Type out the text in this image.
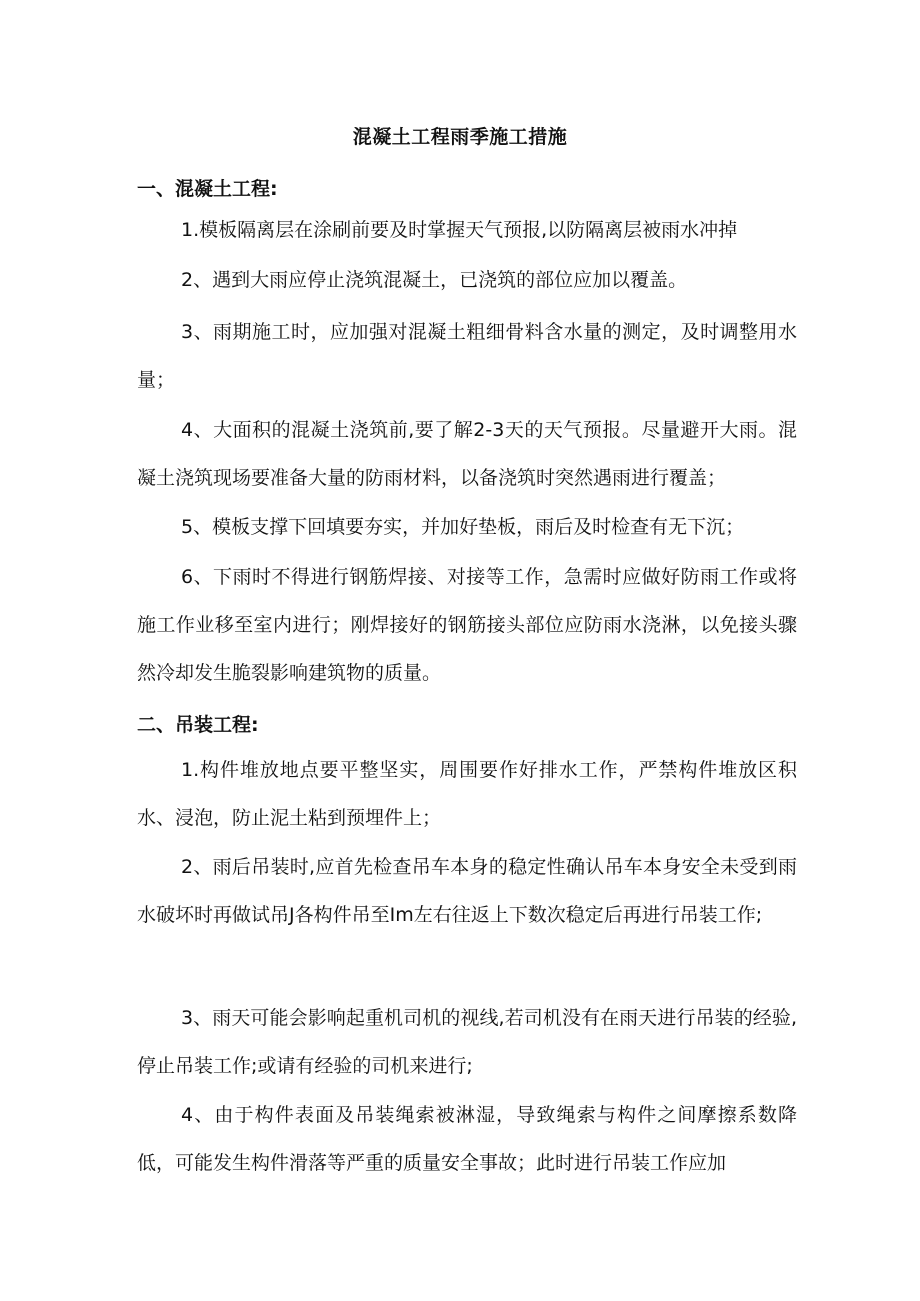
混凝土工程雨季施工措施
一、混凝土工程:
1.模板隔离层在涂刷前要及时掌握天气预报,以防隔离层被雨水冲掉
2、遇到大雨应停止浇筑混凝土，已浇筑的部位应加以覆盖。
3、雨期施工时，应加强对混凝土粗细骨料含水量的测定，及时调整用水量；
4、大面积的混凝土浇筑前,要了解2-3天的天气预报。尽量避开大雨。混凝土浇筑现场要准备大量的防雨材料，以备浇筑时突然遇雨进行覆盖；
5、模板支撑下回填要夯实，并加好垫板，雨后及时检查有无下沉；
6、下雨时不得进行钢筋焊接、对接等工作，急需时应做好防雨工作或将施工作业移至室内进行；刚焊接好的钢筋接头部位应防雨水浇淋，以免接头骤然冷却发生脆裂影响建筑物的质量。
二、吊装工程:
1.构件堆放地点要平整坚实，周围要作好排水工作，严禁构件堆放区积水、浸泡，防止泥土粘到预埋件上；
2、雨后吊装时,应首先检查吊车本身的稳定性确认吊车本身安全未受到雨水破坏时再做试吊J各构件吊至Im左右往返上下数次稳定后再进行吊装工作;
3、雨天可能会影响起重机司机的视线,若司机没有在雨天进行吊装的经验,停止吊装工作;或请有经验的司机来进行;
4、由于构件表面及吊装绳索被淋湿，导致绳索与构件之间摩擦系数降低，可能发生构件滑落等严重的质量安全事故；此时进行吊装工作应加
